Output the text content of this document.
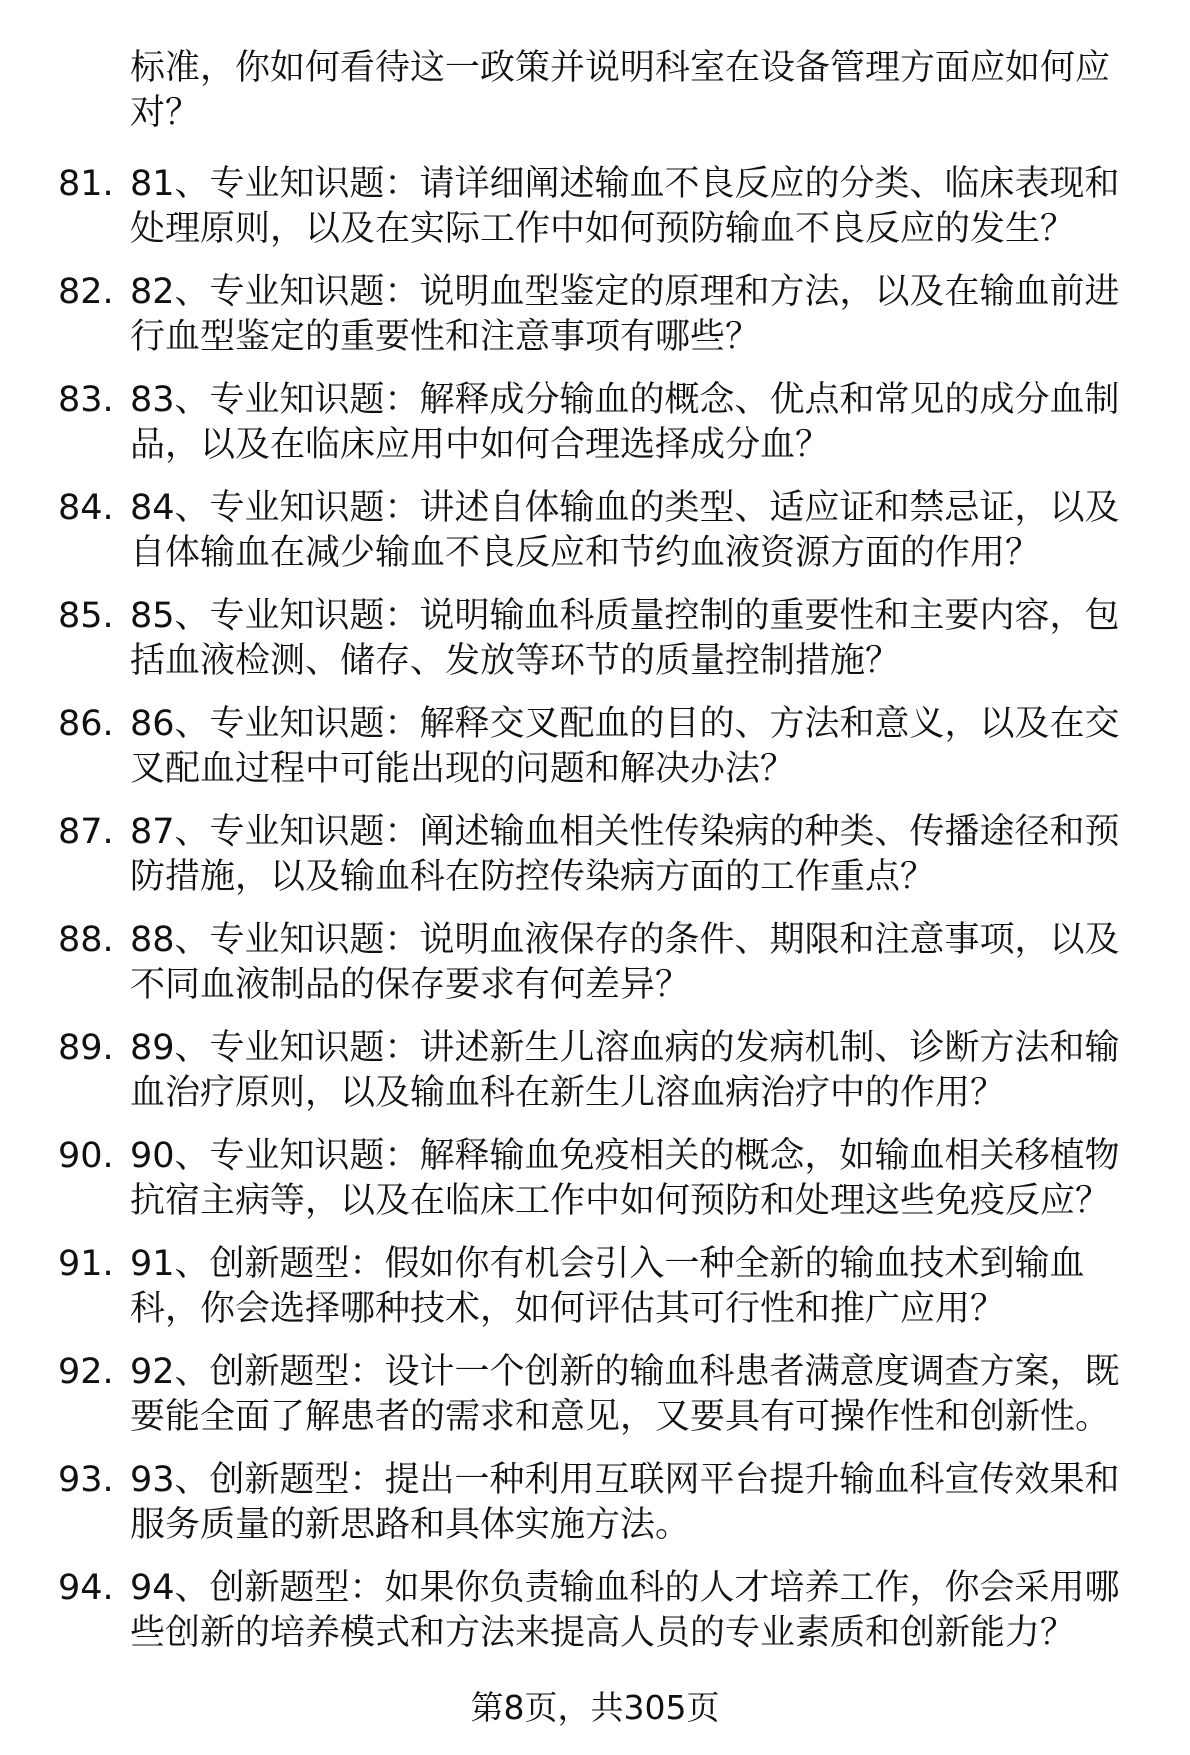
标准，你如何看待这一政策并说明科室在设备管理方面应如何应
对？
81. 81、专业知识题：请详细阐述输血不良反应的分类、临床表现和
处理原则，以及在实际工作中如何预防输血不良反应的发生？
82. 82、专业知识题：说明血型鉴定的原理和方法，以及在输血前进
行血型鉴定的重要性和注意事项有哪些？
83. 83、专业知识题：解释成分输血的概念、优点和常见的成分血制
品，以及在临床应用中如何合理选择成分血？
84. 84、专业知识题：讲述自体输血的类型、适应证和禁忌证，以及
自体输血在减少输血不良反应和节约血液资源方面的作用？
85. 85、专业知识题：说明输血科质量控制的重要性和主要内容，包
括血液检测、储存、发放等环节的质量控制措施？
86. 86、专业知识题：解释交叉配血的目的、方法和意义，以及在交
叉配血过程中可能出现的问题和解决办法？
87. 87、专业知识题：阐述输血相关性传染病的种类、传播途径和预
防措施，以及输血科在防控传染病方面的工作重点？
88. 88、专业知识题：说明血液保存的条件、期限和注意事项，以及
不同血液制品的保存要求有何差异？
89. 89、专业知识题：讲述新生儿溶血病的发病机制、诊断方法和输
血治疗原则，以及输血科在新生儿溶血病治疗中的作用？
90. 90、专业知识题：解释输血免疫相关的概念，如输血相关移植物
抗宿主病等，以及在临床工作中如何预防和处理这些免疫反应？
91. 91、创新题型：假如你有机会引入一种全新的输血技术到输血
科，你会选择哪种技术，如何评估其可行性和推广应用？
92. 92、创新题型：设计一个创新的输血科患者满意度调查方案，既
要能全面了解患者的需求和意见，又要具有可操作性和创新性。
93. 93、创新题型：提出一种利用互联网平台提升输血科宣传效果和
服务质量的新思路和具体实施方法。
94. 94、创新题型：如果你负责输血科的人才培养工作，你会采用哪
些创新的培养模式和方法来提高人员的专业素质和创新能力？
第8页，共305页
